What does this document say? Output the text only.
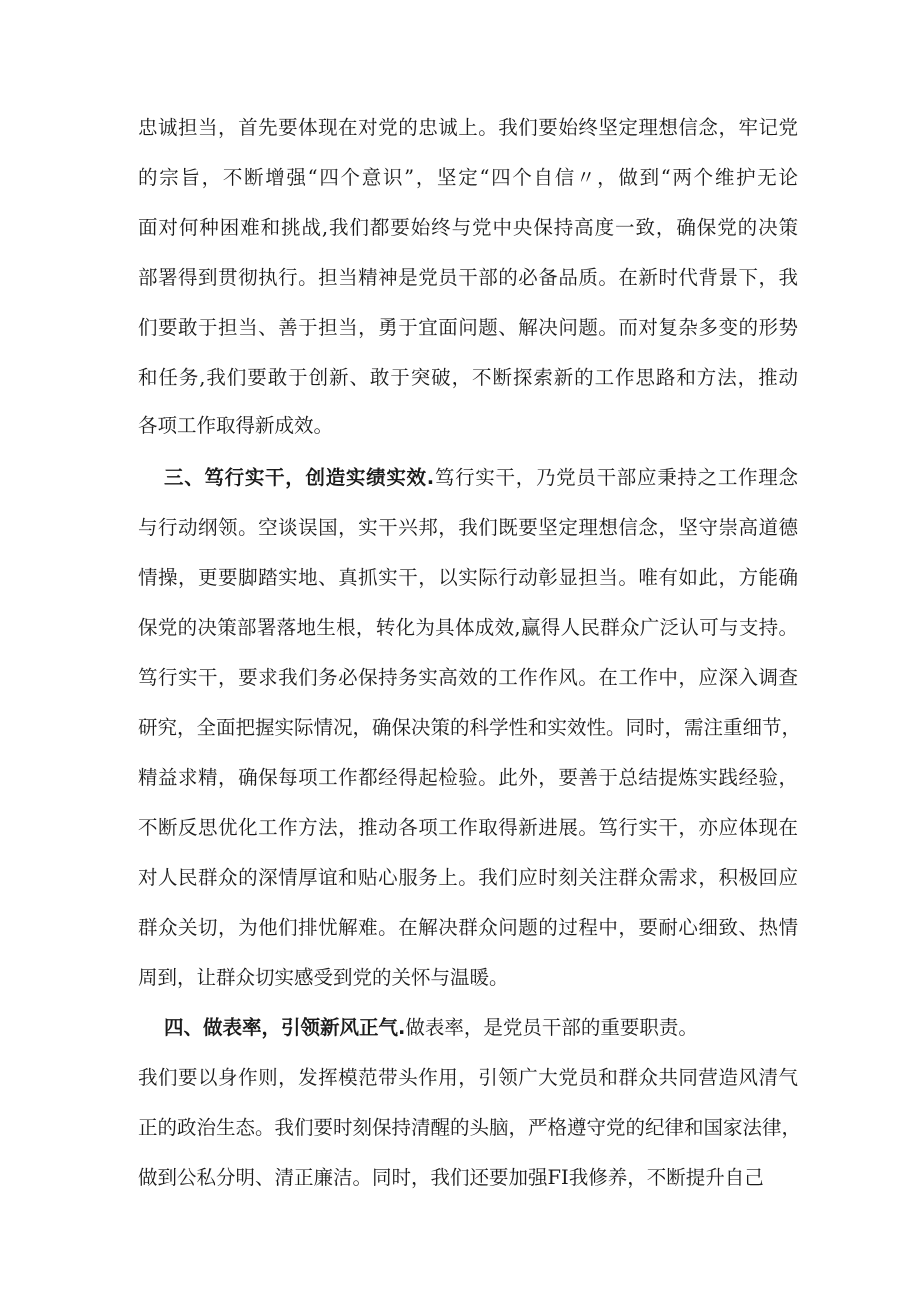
忠诚担当，首先要体现在对党的忠诚上。我们要始终坚定理想信念，牢记党
的宗旨，不断增强“四个意识”，坚定“四个自信〃，做到“两个维护无论
面对何种困难和挑战,我们都要始终与党中央保持高度一致，确保党的决策
部署得到贯彻执行。担当精神是党员干部的必备品质。在新时代背景下，我
们要敢于担当、善于担当，勇于宜面问题、解决问题。而对复杂多变的形势
和任务,我们要敢于创新、敢于突破，不断探索新的工作思路和方法，推动
各项工作取得新成效。
三、笃行实干，创造实绩实效.笃行实干，乃党员干部应秉持之工作理念
与行动纲领。空谈误国，实干兴邦，我们既要坚定理想信念，坚守崇高道德
情操，更要脚踏实地、真抓实干，以实际行动彰显担当。唯有如此，方能确
保党的决策部署落地生根，转化为具体成效,赢得人民群众广泛认可与支持。
笃行实干，要求我们务必保持务实高效的工作作风。在工作中，应深入调查
研究，全面把握实际情况，确保决策的科学性和实效性。同时，需注重细节，
精益求精，确保每项工作都经得起检验。此外，要善于总结提炼实践经验，
不断反思优化工作方法，推动各项工作取得新进展。笃行实干，亦应体现在
对人民群众的深情厚谊和贴心服务上。我们应时刻关注群众需求，积极回应
群众关切，为他们排忧解难。在解决群众问题的过程中，要耐心细致、热情
周到，让群众切实感受到党的关怀与温暖。
四、做表率，引领新风正气.做表率，是党员干部的重要职责。
我们要以身作则，发挥模范带头作用，引领广大党员和群众共同营造风清气
正的政治生态。我们要时刻保持清醒的头脑，严格遵守党的纪律和国家法律，
做到公私分明、清正廉洁。同时，我们还要加强FI我修养，不断提升自己
